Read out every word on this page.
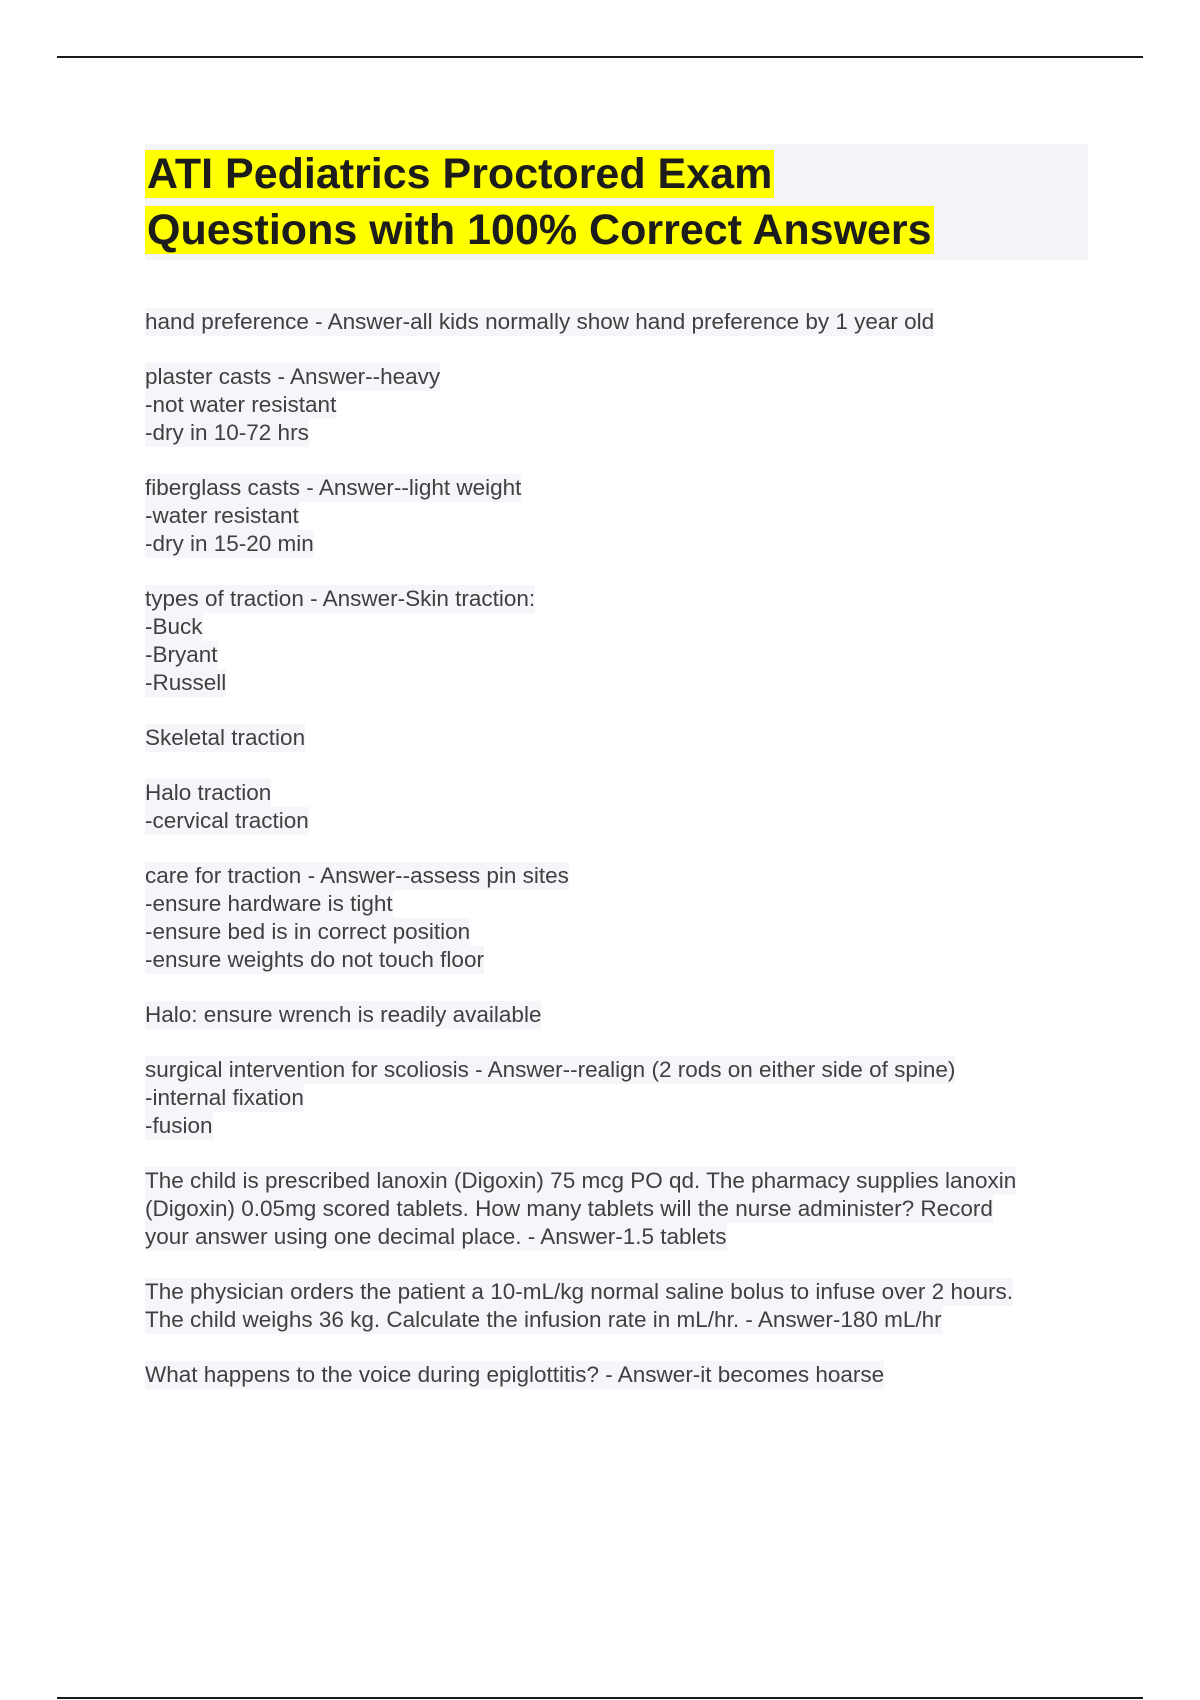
ATI Pediatrics Proctored Exam
Questions with 100% Correct Answers
hand preference - Answer-all kids normally show hand preference by 1 year old
plaster casts - Answer--heavy
-not water resistant
-dry in 10-72 hrs
fiberglass casts - Answer--light weight
-water resistant
-dry in 15-20 min
types of traction - Answer-Skin traction:
-Buck
-Bryant
-Russell
Skeletal traction
Halo traction
-cervical traction
care for traction - Answer--assess pin sites
-ensure hardware is tight
-ensure bed is in correct position
-ensure weights do not touch floor
Halo: ensure wrench is readily available
surgical intervention for scoliosis - Answer--realign (2 rods on either side of spine)
-internal fixation
-fusion
The child is prescribed lanoxin (Digoxin) 75 mcg PO qd. The pharmacy supplies lanoxin
(Digoxin) 0.05mg scored tablets. How many tablets will the nurse administer? Record
your answer using one decimal place. - Answer-1.5 tablets
The physician orders the patient a 10-mL/kg normal saline bolus to infuse over 2 hours.
The child weighs 36 kg. Calculate the infusion rate in mL/hr. - Answer-180 mL/hr
What happens to the voice during epiglottitis? - Answer-it becomes hoarse
